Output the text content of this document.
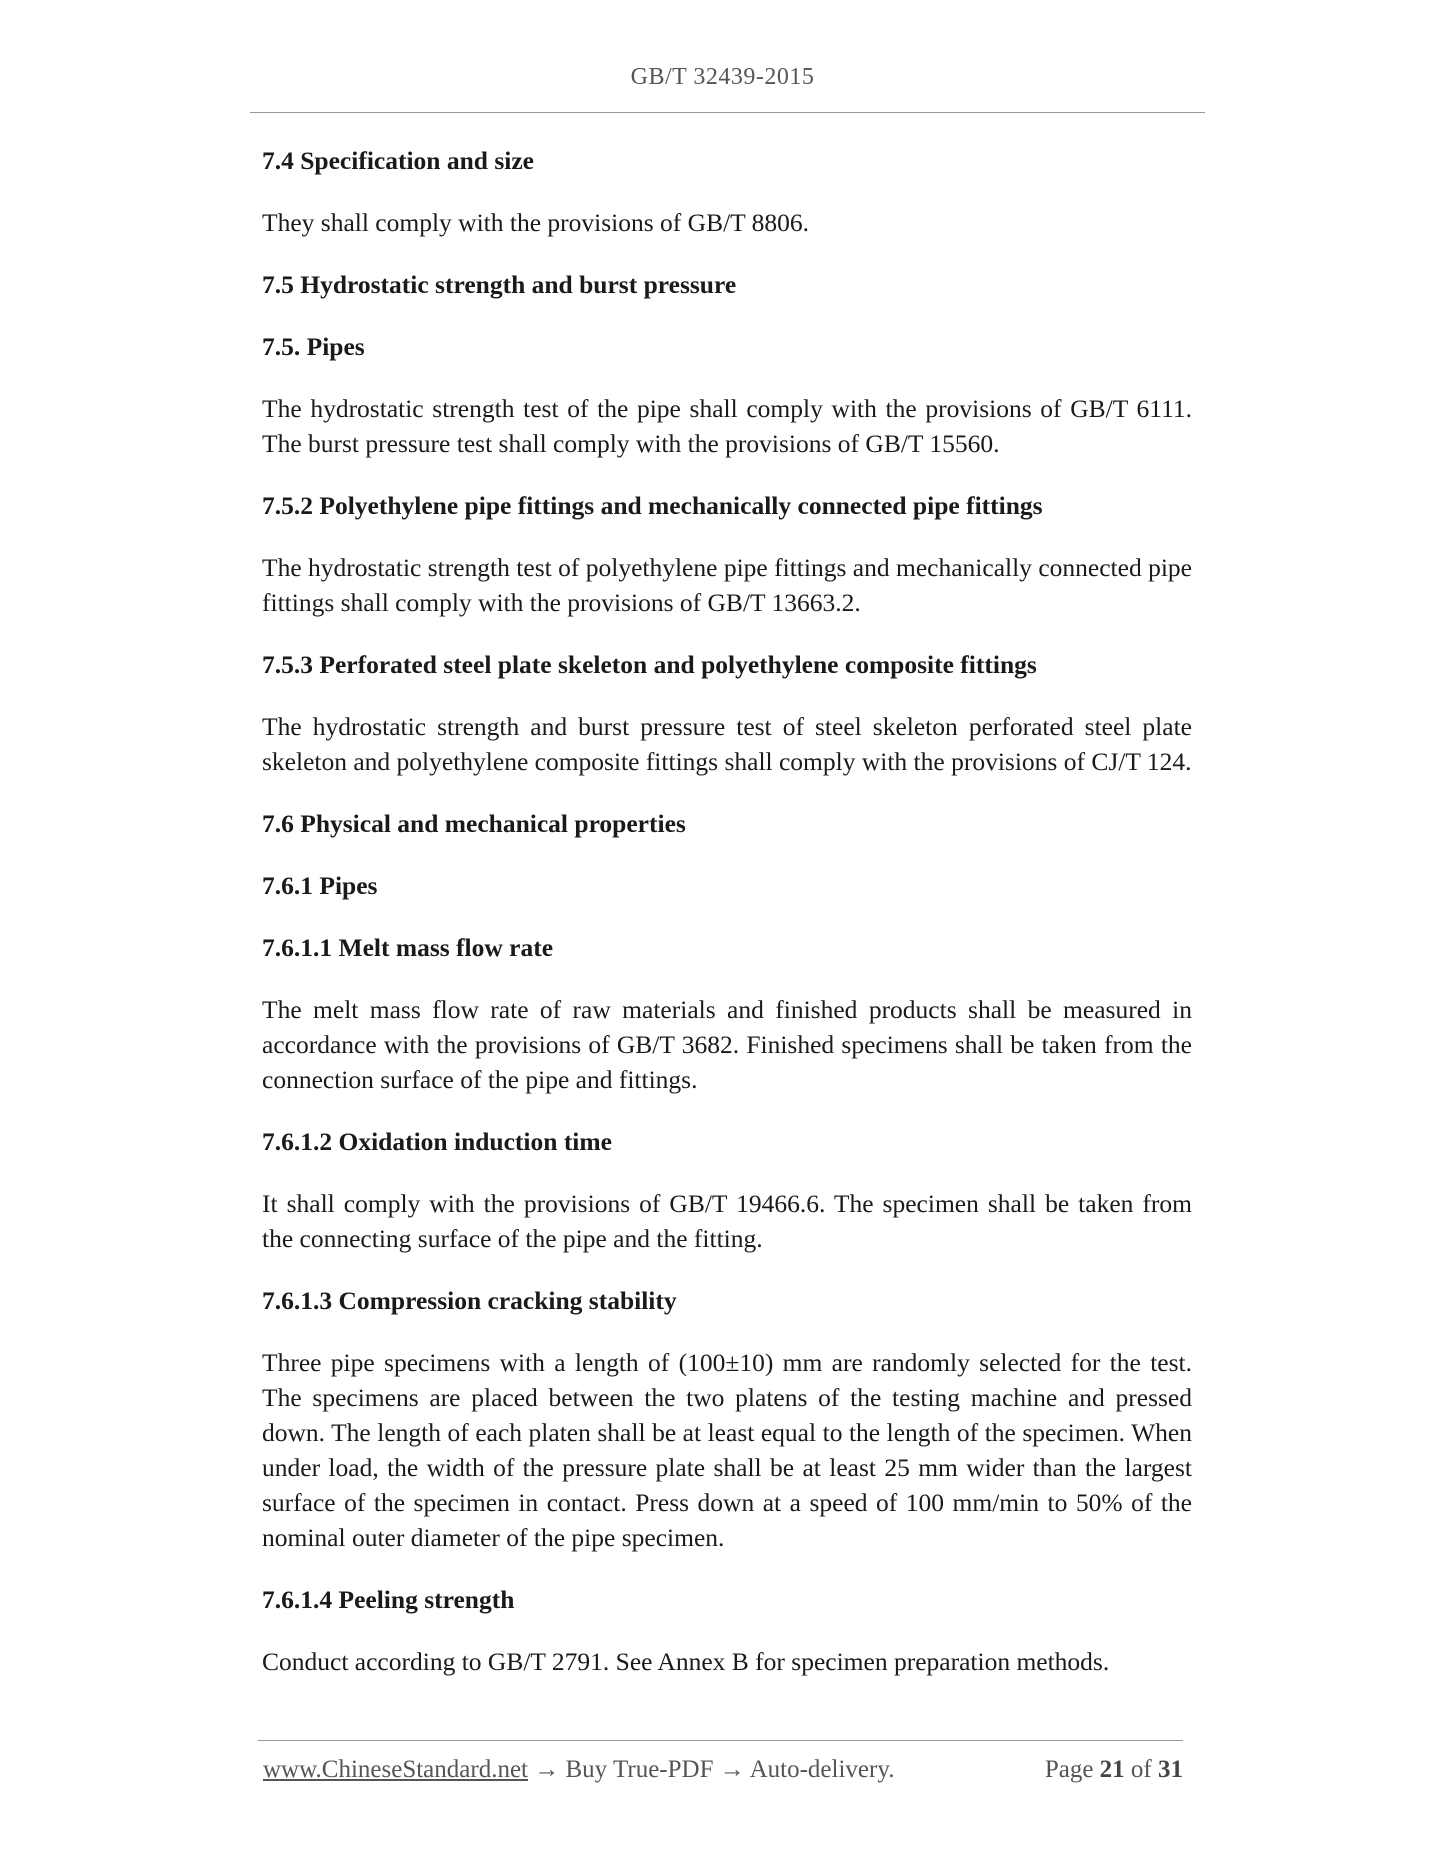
GB/T 32439-2015
7.4 Specification and size
They shall comply with the provisions of GB/T 8806.
7.5 Hydrostatic strength and burst pressure
7.5. Pipes
The hydrostatic strength test of the pipe shall comply with the provisions of GB/T 6111. The burst pressure test shall comply with the provisions of GB/T 15560.
7.5.2 Polyethylene pipe fittings and mechanically connected pipe fittings
The hydrostatic strength test of polyethylene pipe fittings and mechanically connected pipe fittings shall comply with the provisions of GB/T 13663.2.
7.5.3 Perforated steel plate skeleton and polyethylene composite fittings
The hydrostatic strength and burst pressure test of steel skeleton perforated steel plate skeleton and polyethylene composite fittings shall comply with the provisions of CJ/T 124.
7.6 Physical and mechanical properties
7.6.1 Pipes
7.6.1.1 Melt mass flow rate
The melt mass flow rate of raw materials and finished products shall be measured in accordance with the provisions of GB/T 3682. Finished specimens shall be taken from the connection surface of the pipe and fittings.
7.6.1.2 Oxidation induction time
It shall comply with the provisions of GB/T 19466.6. The specimen shall be taken from the connecting surface of the pipe and the fitting.
7.6.1.3 Compression cracking stability
Three pipe specimens with a length of (100±10) mm are randomly selected for the test. The specimens are placed between the two platens of the testing machine and pressed down. The length of each platen shall be at least equal to the length of the specimen. When under load, the width of the pressure plate shall be at least 25 mm wider than the largest surface of the specimen in contact. Press down at a speed of 100 mm/min to 50% of the nominal outer diameter of the pipe specimen.
7.6.1.4 Peeling strength
Conduct according to GB/T 2791. See Annex B for specimen preparation methods.
www.ChineseStandard.net → Buy True-PDF → Auto-delivery.	Page 21 of 31
